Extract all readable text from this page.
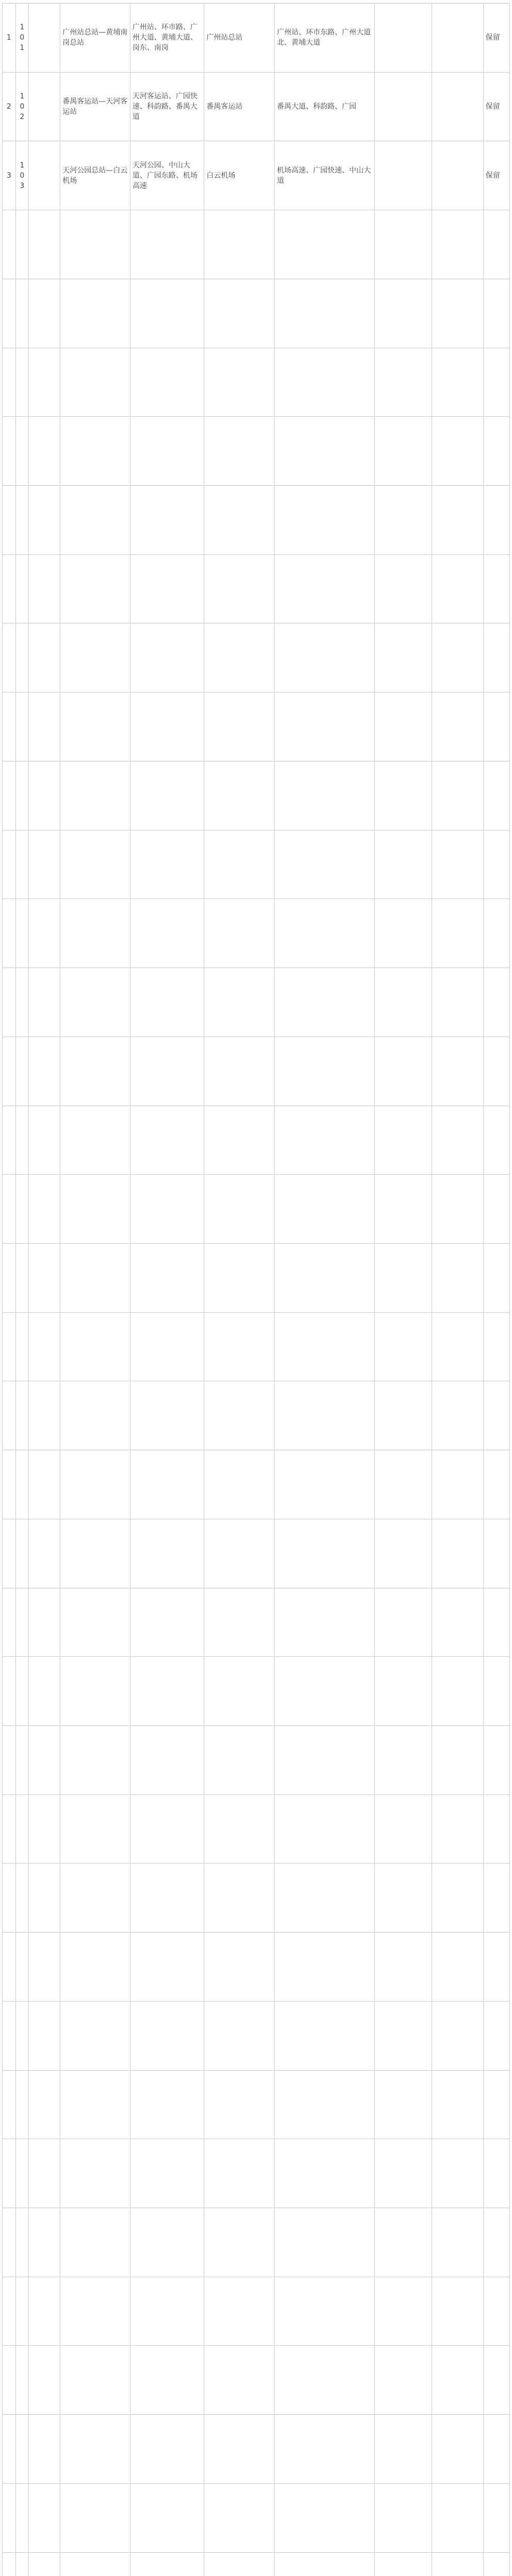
1	101		广州站总站—黄埔南岗总站	广州站、环市路、广州大道、黄埔大道、岗东、南岗	广州站总站	广州站、环市东路、广州大道北、黄埔大道			保留
2	102		番禺客运站—天河客运站	天河客运站、广园快速、科韵路、番禺大道	番禺客运站	番禺大道、科韵路、广园			保留
3	103		天河公园总站—白云机场	天河公园、中山大道、广园东路、机场高速	白云机场	机场高速、广园快速、中山大道			保留
